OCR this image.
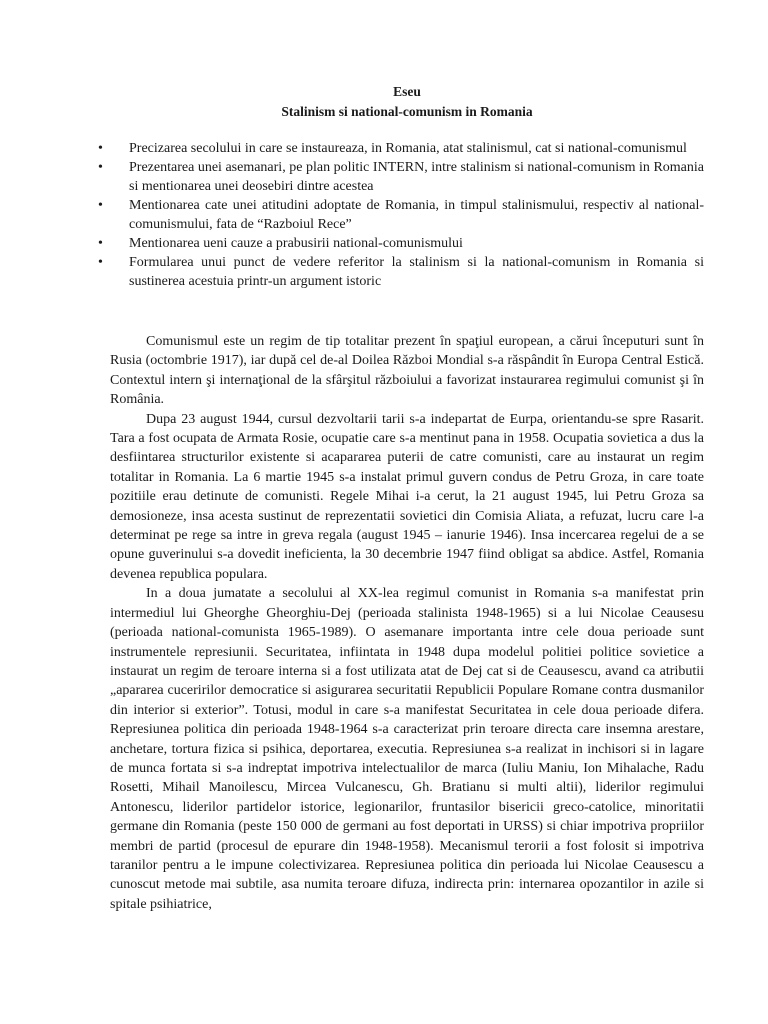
Eseu
Stalinism si national-comunism in Romania
• Precizarea secolului in care se instaureaza, in Romania, atat stalinismul, cat si national-comunismul
• Prezentarea unei asemanari, pe plan politic INTERN, intre stalinism si national-comunism in Romania si mentionarea unei deosebiri dintre acestea
• Mentionarea cate unei atitudini adoptate de Romania, in timpul stalinismului, respectiv al national-comunismului, fata de “Razboiul Rece”
• Mentionarea ueni cauze a prabusirii national-comunismului
• Formularea unui punct de vedere referitor la stalinism si la national-comunism in Romania si sustinerea acestuia printr-un argument istoric

Comunismul este un regim de tip totalitar prezent în spaţiul european, a cărui începuturi sunt în Rusia (octombrie 1917), iar după cel de-al Doilea Război Mondial s-a răspândit în Europa Central Estică. Contextul intern şi internaţional de la sfârşitul războiului a favorizat instaurarea regimului comunist şi în România.

Dupa 23 august 1944, cursul dezvoltarii tarii s-a indepartat de Eurpa, orientandu-se spre Rasarit. Tara a fost ocupata de Armata Rosie, ocupatie care s-a mentinut pana in 1958. Ocupatia sovietica a dus la desfiintarea structurilor existente si acapararea puterii de catre comunisti, care au instaurat un regim totalitar in Romania. La 6 martie 1945 s-a instalat primul guvern condus de Petru Groza, in care toate pozitiile erau detinute de comunisti. Regele Mihai i-a cerut, la 21 august 1945, lui Petru Groza sa demosioneze, insa acesta sustinut de reprezentatii sovietici din Comisia Aliata, a refuzat, lucru care l-a determinat pe rege sa intre in greva regala (august 1945 – ianurie 1946). Insa incercarea regelui de a se opune guverinului s-a dovedit ineficienta, la 30 decembrie 1947 fiind obligat sa abdice. Astfel, Romania devenea republica populara.

In a doua jumatate a secolului al XX-lea regimul comunist in Romania s-a manifestat prin intermediul lui Gheorghe Gheorghiu-Dej (perioada stalinista 1948-1965) si a lui Nicolae Ceausesu (perioada national-comunista 1965-1989). O asemanare importanta intre cele doua perioade sunt instrumentele represiunii. Securitatea, infiintata in 1948 dupa modelul politiei politice sovietice a instaurat un regim de teroare interna si a fost utilizata atat de Dej cat si de Ceausescu, avand ca atributii „apararea cuceririlor democratice si asigurarea securitatii Republicii Populare Romane contra dusmanilor din interior si exterior”. Totusi, modul in care s-a manifestat Securitatea in cele doua perioade difera. Represiunea politica din perioada 1948-1964 s-a caracterizat prin teroare directa care insemna arestare, anchetare, tortura fizica si psihica, deportarea, executia. Represiunea s-a realizat in inchisori si in lagare de munca fortata si s-a indreptat impotriva intelectualilor de marca (Iuliu Maniu, Ion Mihalache, Radu Rosetti, Mihail Manoilescu, Mircea Vulcanescu, Gh. Bratianu si multi altii), liderilor regimului Antonescu, liderilor partidelor istorice, legionarilor, fruntasilor bisericii greco-catolice, minoritatii germane din Romania (peste 150 000 de germani au fost deportati in URSS) si chiar impotriva propriilor membri de partid (procesul de epurare din 1948-1958). Mecanismul terorii a fost folosit si impotriva taranilor pentru a le impune colectivizarea. Represiunea politica din perioada lui Nicolae Ceausescu a cunoscut metode mai subtile, asa numita teroare difuza, indirecta prin: internarea opozantilor in azile si spitale psihiatrice,
